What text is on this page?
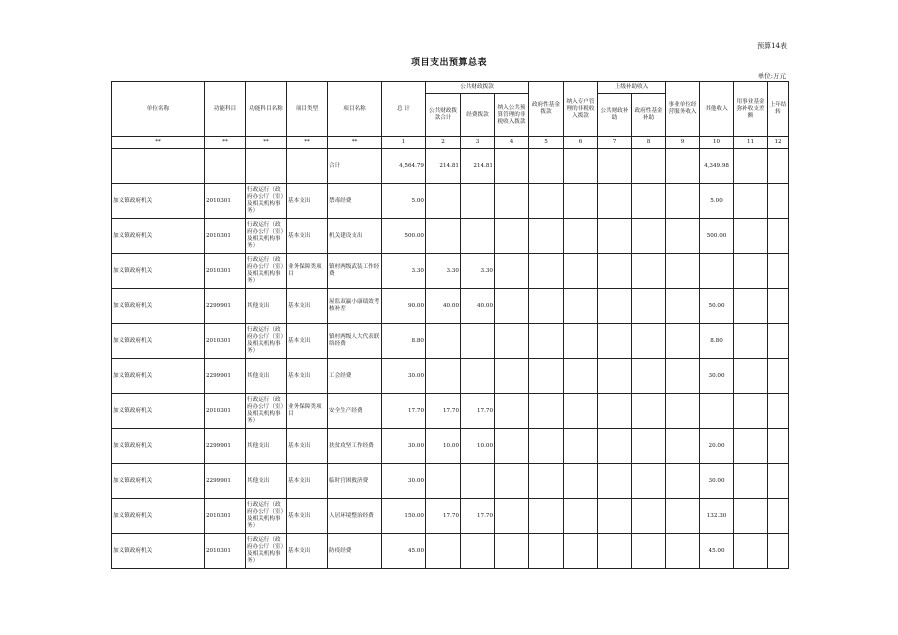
预算14表
项目支出预算总表
单位:万元
单位名称	功能科目	功能科目名称	项目类型	项目名称	总 计	公共财政拨款			政府性基金拨款	纳入专户管理的非税收入拨款	上级补助收入		事业单位经营服务收入	其他收入	用事业基金弥补收支差额	上年结转
						公共财政拨款合计	经费拨款	纳入公共预算管理的非税收入拨款			公共财政补助	政府性基金补助				
**	**	**	**	**	1	2	3	4	5	6	7	8	9	10	11	12
				合计	4,564.79	214.81	214.81							4,349.98		
加义镇政府机关	2010301	行政运行（政府办公厅（室）及相关机构事务）	基本支出	禁毒经费	5.00									5.00		
加义镇政府机关	2010301	行政运行（政府办公厅（室）及相关机构事务）	基本支出	机关建设支出	500.00									500.00		
加义镇政府机关	2010301	行政运行（政府办公厅（室）及相关机构事务）	业务保障类项目	镇村两级武装工作经费	3.30	3.30	3.30									
加义镇政府机关	2299901	其他支出	基本支出	屋监双赢小康绩效考核补差	90.00	40.00	40.00							50.00		
加义镇政府机关	2010301	行政运行（政府办公厅（室）及相关机构事务）	基本支出	镇村两级人大代表联络经费	8.80									8.80		
加义镇政府机关	2299901	其他支出	基本支出	工会经费	30.00									30.00		
加义镇政府机关	2010301	行政运行（政府办公厅（室）及相关机构事务）	业务保障类项目	安全生产经费	17.70	17.70	17.70									
加义镇政府机关	2299901	其他支出	基本支出	扶贫攻坚工作经费	30.00	10.00	10.00							20.00		
加义镇政府机关	2299901	其他支出	基本支出	临时官困救济费	30.00									30.00		
加义镇政府机关	2010301	行政运行（政府办公厅（室）及相关机构事务）	基本支出	人居环境整治经费	150.00	17.70	17.70							132.30		
加义镇政府机关	2010301	行政运行（政府办公厅（室）及相关机构事务）	基本支出	防疫经费	45.00									45.00		
